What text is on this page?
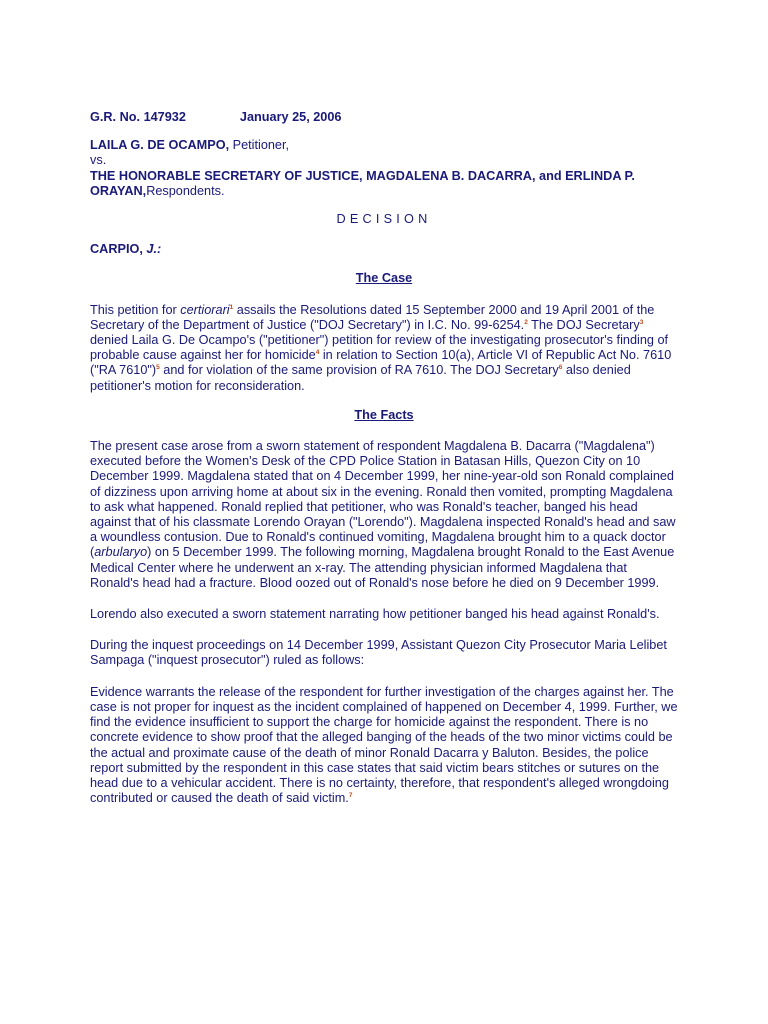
G.R. No. 147932	January 25, 2006

LAILA G. DE OCAMPO, Petitioner,

vs.

THE HONORABLE SECRETARY OF JUSTICE, MAGDALENA B. DACARRA, and ERLINDA P.

ORAYAN,Respondents.

DECISION

CARPIO, J.:

The Case

This petition for certiorari$^1$ assails the Resolutions dated 15 September 2000 and 19 April 2001 of the Secretary of the Department of Justice ("DOJ Secretary") in I.C. No. 99-6254.$^2$ The DOJ Secretary$^3$ denied Laila G. De Ocampo's ("petitioner") petition for review of the investigating prosecutor's finding of probable cause against her for homicide$^4$ in relation to Section 10(a), Article VI of Republic Act No. 7610 ("RA 7610")$^5$ and for violation of the same provision of RA 7610. The DOJ Secretary$^6$ also denied petitioner's motion for reconsideration.

The Facts

The present case arose from a sworn statement of respondent Magdalena B. Dacarra ("Magdalena") executed before the Women's Desk of the CPD Police Station in Batasan Hills, Quezon City on 10 December 1999. Magdalena stated that on 4 December 1999, her nine-year-old son Ronald complained of dizziness upon arriving home at about six in the evening. Ronald then vomited, prompting Magdalena to ask what happened. Ronald replied that petitioner, who was Ronald's teacher, banged his head against that of his classmate Lorendo Orayan ("Lorendo"). Magdalena inspected Ronald's head and saw a woundless contusion. Due to Ronald's continued vomiting, Magdalena brought him to a quack doctor (arbularyo) on 5 December 1999. The following morning, Magdalena brought Ronald to the East Avenue Medical Center where he underwent an x-ray. The attending physician informed Magdalena that Ronald's head had a fracture. Blood oozed out of Ronald's nose before he died on 9 December 1999.

Lorendo also executed a sworn statement narrating how petitioner banged his head against Ronald's.

During the inquest proceedings on 14 December 1999, Assistant Quezon City Prosecutor Maria Lelibet Sampaga ("inquest prosecutor") ruled as follows:

Evidence warrants the release of the respondent for further investigation of the charges against her. The case is not proper for inquest as the incident complained of happened on December 4, 1999. Further, we find the evidence insufficient to support the charge for homicide against the respondent. There is no concrete evidence to show proof that the alleged banging of the heads of the two minor victims could be the actual and proximate cause of the death of minor Ronald Dacarra y Baluton. Besides, the police report submitted by the respondent in this case states that said victim bears stitches or sutures on the head due to a vehicular accident. There is no certainty, therefore, that respondent's alleged wrongdoing contributed or caused the death of said victim.$^7$
